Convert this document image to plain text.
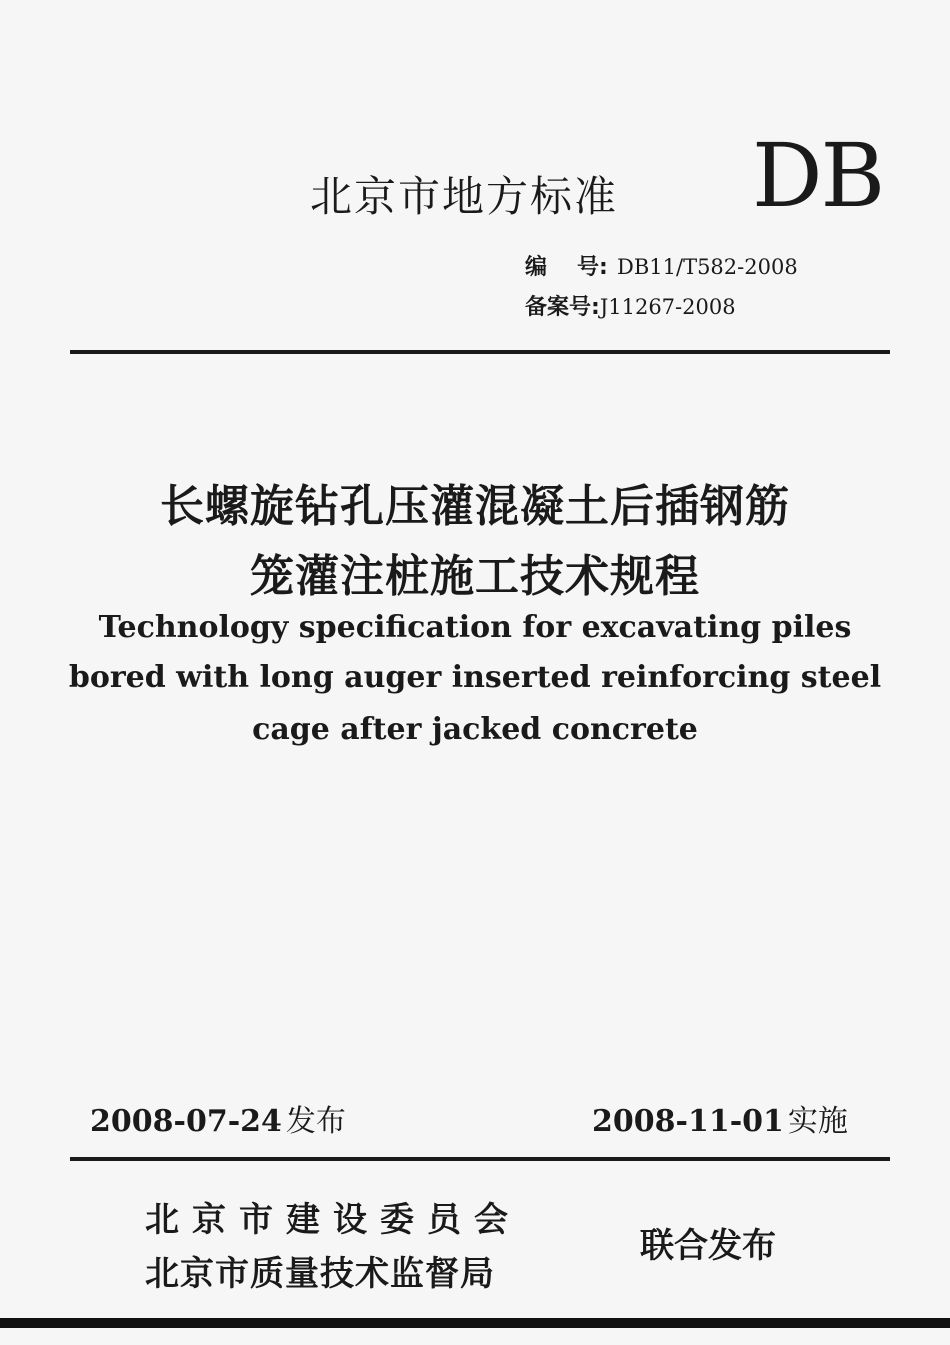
北京市地方标准 DB
编 号: DB11/T582-2008
备案号:J11267-2008
长螺旋钻孔压灌混凝土后插钢筋
笼灌注桩施工技术规程
Technology specification for excavating piles
bored with long auger inserted reinforcing steel
cage after jacked concrete
2008-07-24 发布	2008-11-01 实施
北京市建设委员会
北京市质量技术监督局
联合发布
